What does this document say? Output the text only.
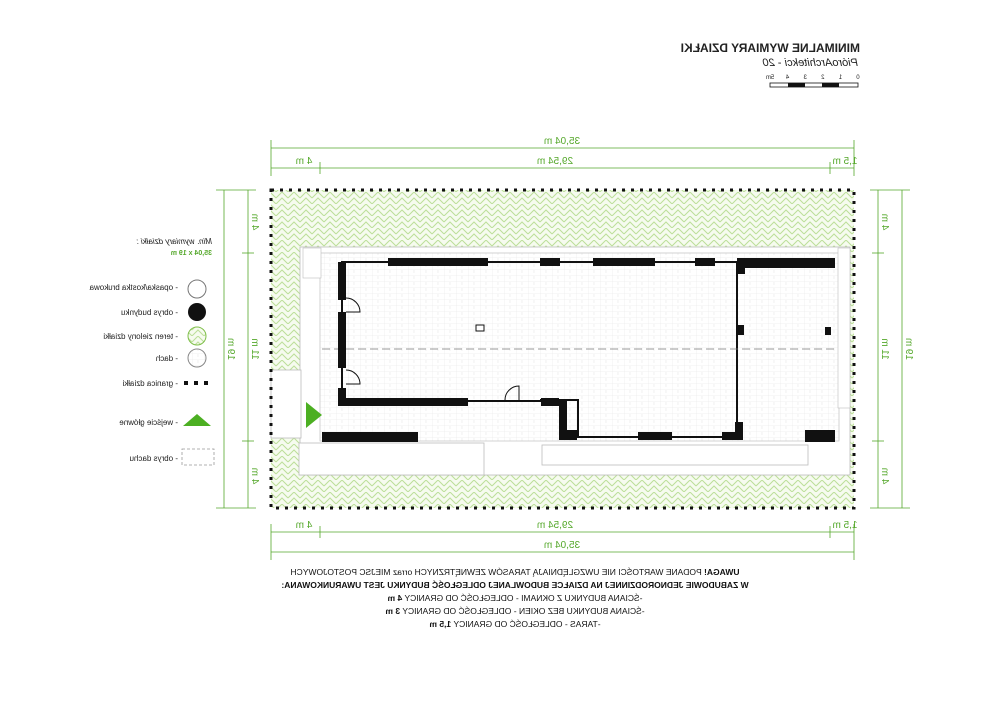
MINIMALNE WYMIARY DZIAŁKI
PióroArchitekci - 20
0
1
2
3
4
5m
35,04 m
4 m	29,54 m	1,5 m
4 m	29,54 m	1,5 m
35,04 m
19 m
4 m
11 m
4 m
4 m
11 m
4 m
19 m
Min. wymiary działki :
35,04 x 19 m
- opaska/kostka brukowa
- obrys budynku
- teren zielony działki
- dach
- granica działki
- wejście główne
- obrys dachu
UWAGA! PODANE WARTOŚCI NIE UWZGLĘDNIAJĄ TARASÓW ZEWNĘTRZNYCH orraz MIEJSC POSTOJOWYCH
W ZABUDOWIE JEDNORODZINNEJ NA DZIAŁCE BUDOWLANEJ ODLEGŁOŚĆ BUDYNKU JEST UWARUNKOWANA:
-ŚCIANA BUDYNKU Z OKNAMI - ODLEGŁOŚĆ OD GRANICY 4 m
-ŚCIANA BUDYNKU BEZ OKIEN - ODLEGŁOŚĆ OD GRANICY 3 m
-TARAS - ODLEGŁOŚĆ OD GRANICY 1,5 m
